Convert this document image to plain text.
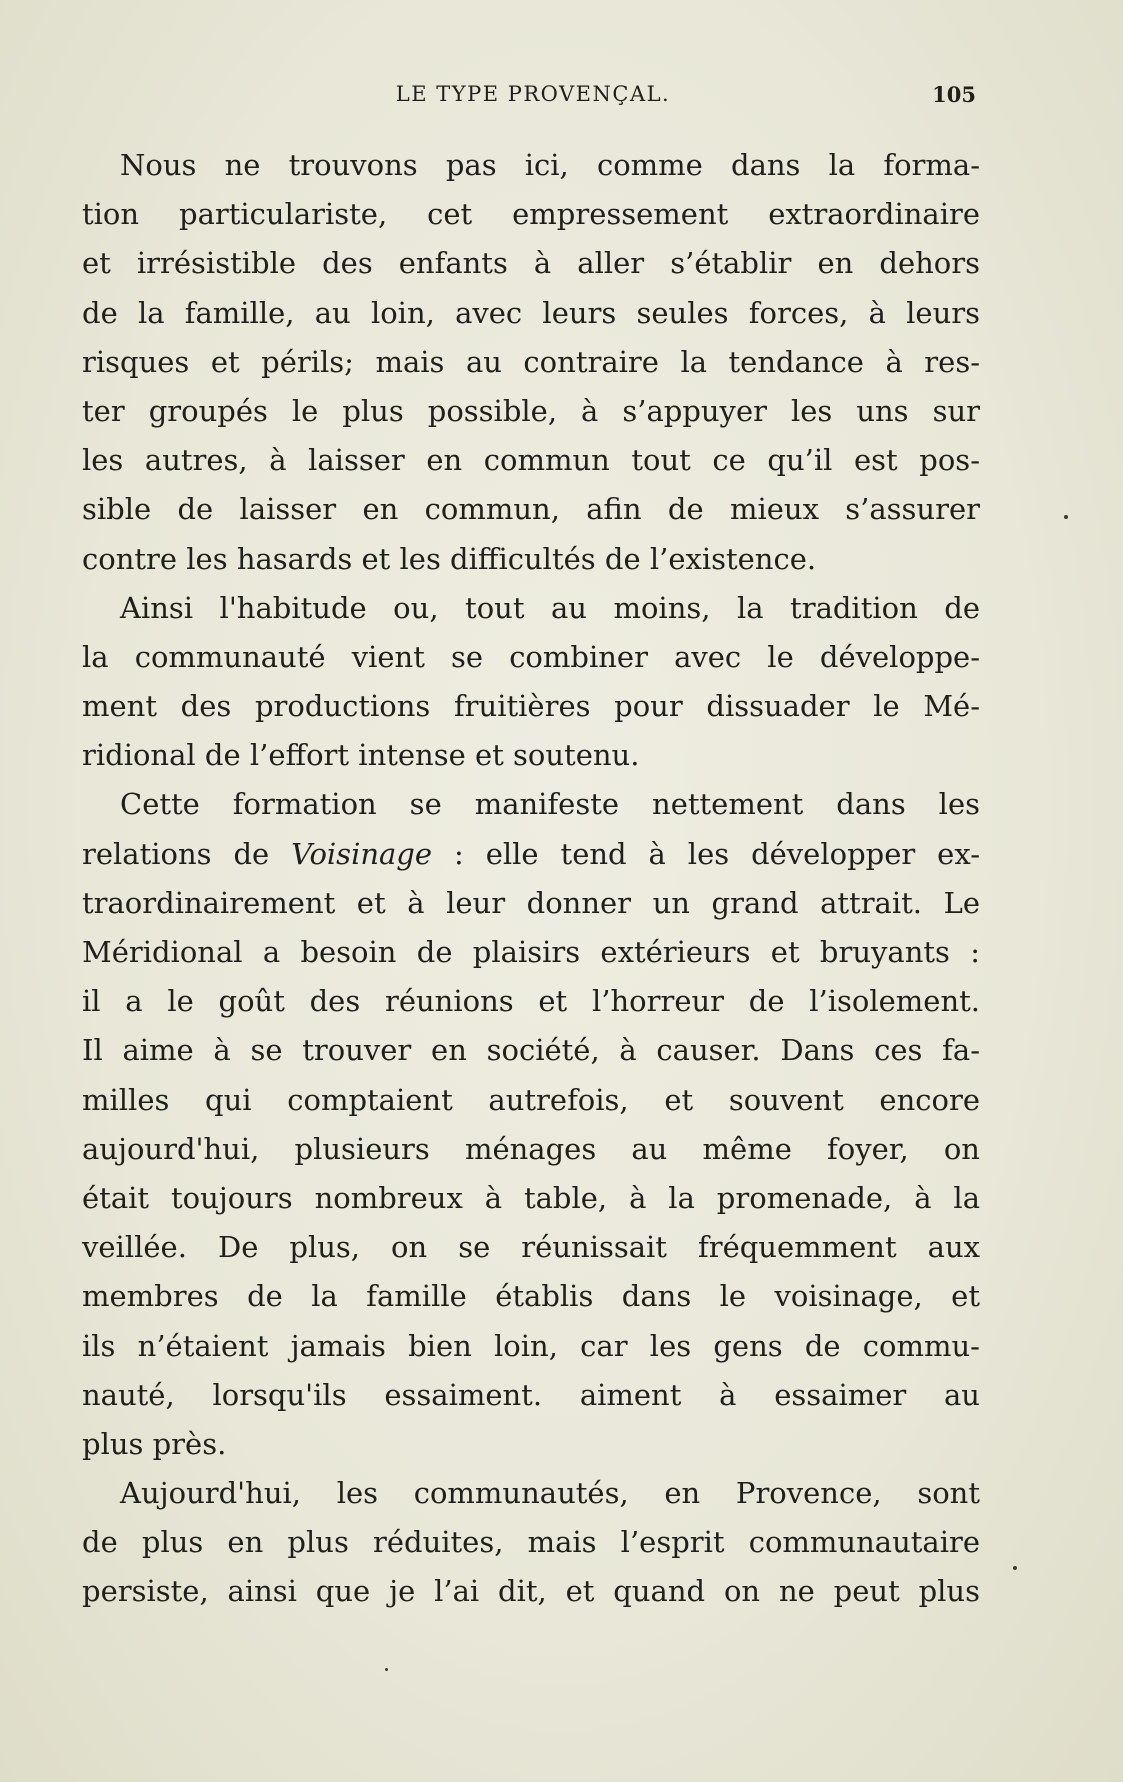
LE TYPE PROVENÇAL.	105
Nous ne trouvons pas ici, comme dans la forma-
tion particulariste, cet empressement extraordinaire
et irrésistible des enfants à aller s’établir en dehors
de la famille, au loin, avec leurs seules forces, à leurs
risques et périls; mais au contraire la tendance à res-
ter groupés le plus possible, à s’appuyer les uns sur
les autres, à laisser en commun tout ce qu’il est pos-
sible de laisser en commun, afin de mieux s’assurer
contre les hasards et les difficultés de l’existence.
Ainsi l'habitude ou, tout au moins, la tradition de
la communauté vient se combiner avec le développe-
ment des productions fruitières pour dissuader le Mé-
ridional de l’effort intense et soutenu.
Cette formation se manifeste nettement dans les
relations de Voisinage : elle tend à les développer ex-
traordinairement et à leur donner un grand attrait. Le
Méridional a besoin de plaisirs extérieurs et bruyants :
il a le goût des réunions et l’horreur de l’isolement.
Il aime à se trouver en société, à causer. Dans ces fa-
milles qui comptaient autrefois, et souvent encore
aujourd'hui, plusieurs ménages au même foyer, on
était toujours nombreux à table, à la promenade, à la
veillée. De plus, on se réunissait fréquemment aux
membres de la famille établis dans le voisinage, et
ils n’étaient jamais bien loin, car les gens de commu-
nauté, lorsqu'ils essaiment. aiment à essaimer au
plus près.
Aujourd'hui, les communautés, en Provence, sont
de plus en plus réduites, mais l’esprit communautaire
persiste, ainsi que je l’ai dit, et quand on ne peut plus
